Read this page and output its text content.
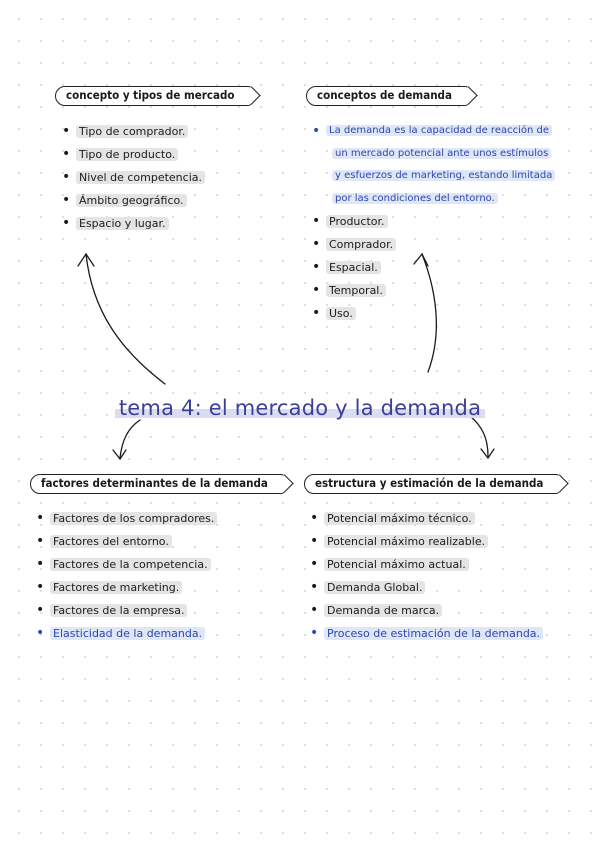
concepto y tipos de mercado
• Tipo de comprador.
• Tipo de producto.
• Nivel de competencia.
• Ámbito geográfico.
• Espacio y lugar.
conceptos de demanda
• La demanda es la capacidad de reacción de
un mercado potencial ante unos estímulos
y esfuerzos de marketing, estando limitada
por las condiciones del entorno.
• Productor.
• Comprador.
• Espacial.
• Temporal.
• Uso.
tema 4: el mercado y la demanda
factores determinantes de la demanda
• Factores de los compradores.
• Factores del entorno.
• Factores de la competencia.
• Factores de marketing.
• Factores de la empresa.
• Elasticidad de la demanda.
estructura y estimación de la demanda
• Potencial máximo técnico.
• Potencial máximo realizable.
• Potencial máximo actual.
• Demanda Global.
• Demanda de marca.
• Proceso de estimación de la demanda.
